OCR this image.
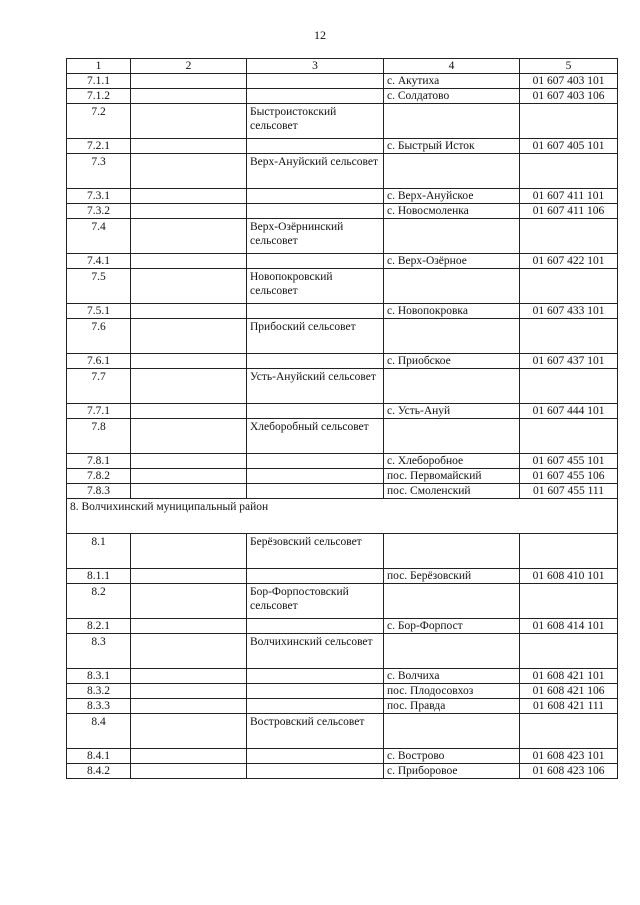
12
1	2	3	4	5
7.1.1			с. Акутиха	01 607 403 101
7.1.2			с. Солдатово	01 607 403 106
7.2		Быстроистокский сельсовет		
7.2.1			с. Быстрый Исток	01 607 405 101
7.3		Верх-Ануйский сельсовет		
7.3.1			с. Верх-Ануйское	01 607 411 101
7.3.2			с. Новосмоленка	01 607 411 106
7.4		Верх-Озёрнинский сельсовет		
7.4.1			с. Верх-Озёрное	01 607 422 101
7.5		Новопокровский сельсовет		
7.5.1			с. Новопокровка	01 607 433 101
7.6		Прибоский сельсовет		
7.6.1			с. Приобское	01 607 437 101
7.7		Усть-Ануйский сельсовет		
7.7.1			с. Усть-Ануй	01 607 444 101
7.8		Хлеборобный сельсовет		
7.8.1			с. Хлеборобное	01 607 455 101
7.8.2			пос. Первомайский	01 607 455 106
7.8.3			пос. Смоленский	01 607 455 111
8. Волчихинский муниципальный район				
8.1		Берёзовский сельсовет		
8.1.1			пос. Берёзовский	01 608 410 101
8.2		Бор-Форпостовский сельсовет		
8.2.1			с. Бор-Форпост	01 608 414 101
8.3		Волчихинский сельсовет		
8.3.1			с. Волчиха	01 608 421 101
8.3.2			пос. Плодосовхоз	01 608 421 106
8.3.3			пос. Правда	01 608 421 111
8.4		Востровский сельсовет		
8.4.1			с. Вострово	01 608 423 101
8.4.2			с. Приборовое	01 608 423 106
